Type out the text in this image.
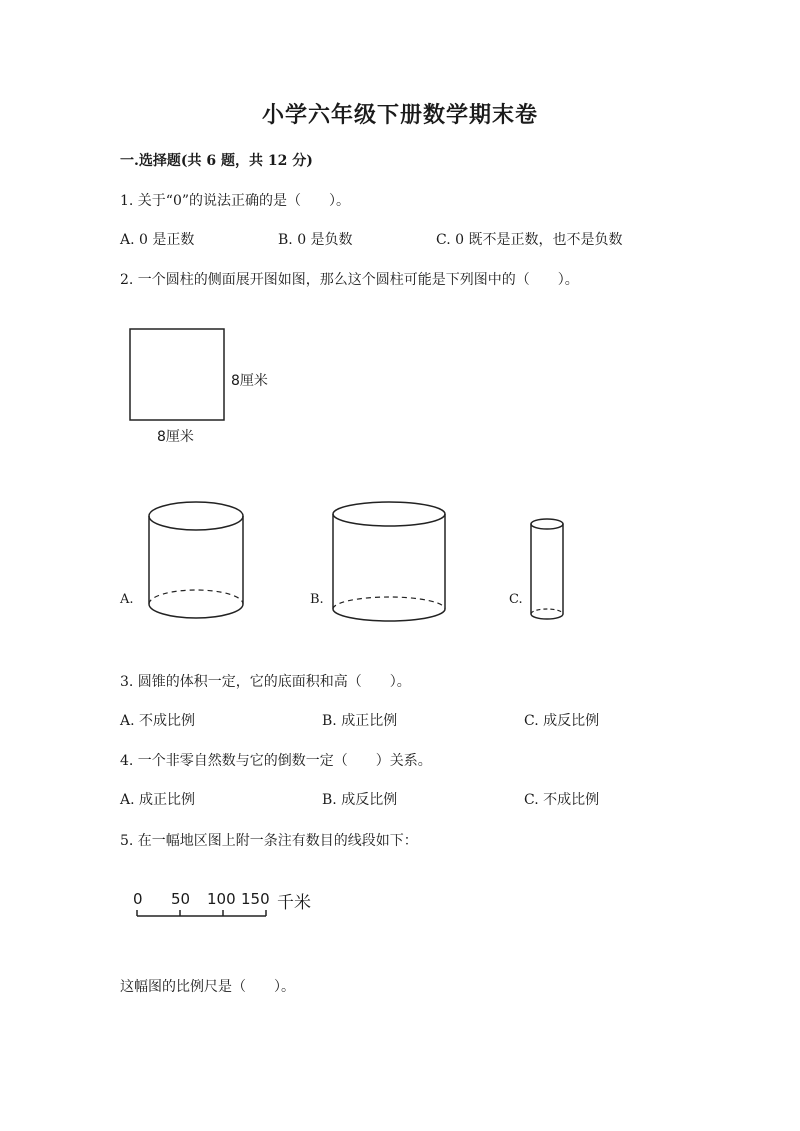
小学六年级下册数学期末卷
一.选择题(共 6 题，共 12 分)
1. 关于“0”的说法正确的是（　　）。
A. 0 是正数	B. 0 是负数	C. 0 既不是正数，也不是负数
2. 一个圆柱的侧面展开图如图，那么这个圆柱可能是下列图中的（　　）。
8厘米
8厘米
A.	B.	C.
3. 圆锥的体积一定，它的底面积和高（　　）。
A. 不成比例	B. 成正比例	C. 成反比例
4. 一个非零自然数与它的倒数一定（　　）关系。
A. 成正比例	B. 成反比例	C. 不成比例
5. 在一幅地区图上附一条注有数目的线段如下：
0 50 100 150 千米
这幅图的比例尺是（　　）。
